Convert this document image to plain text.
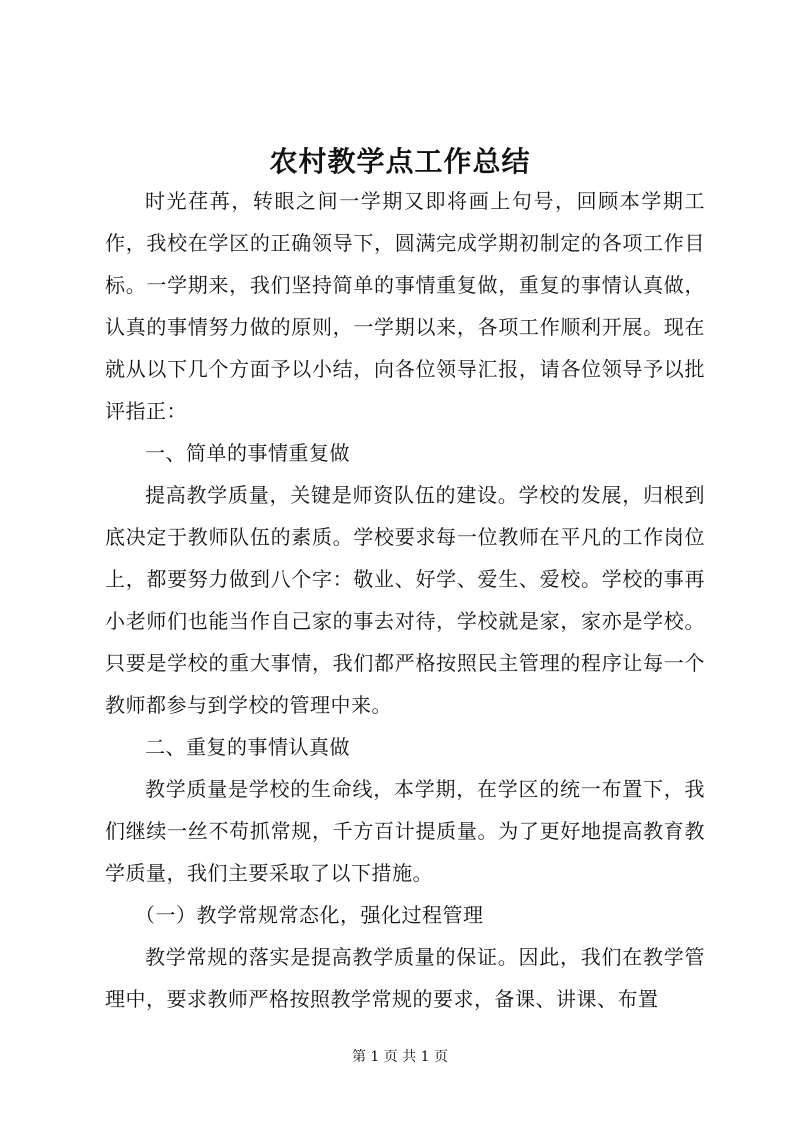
农村教学点工作总结

时光荏苒，转眼之间一学期又即将画上句号，回顾本学期工作，我校在学区的正确领导下，圆满完成学期初制定的各项工作目标。一学期来，我们坚持简单的事情重复做，重复的事情认真做，认真的事情努力做的原则，一学期以来，各项工作顺利开展。现在就从以下几个方面予以小结，向各位领导汇报，请各位领导予以批评指正：

一、简单的事情重复做

提高教学质量，关键是师资队伍的建设。学校的发展，归根到底决定于教师队伍的素质。学校要求每一位教师在平凡的工作岗位上，都要努力做到八个字：敬业、好学、爱生、爱校。学校的事再小老师们也能当作自己家的事去对待，学校就是家，家亦是学校。只要是学校的重大事情，我们都严格按照民主管理的程序让每一个教师都参与到学校的管理中来。

二、重复的事情认真做

教学质量是学校的生命线，本学期，在学区的统一布置下，我们继续一丝不苟抓常规，千方百计提质量。为了更好地提高教育教学质量，我们主要采取了以下措施。

（一）教学常规常态化，强化过程管理

教学常规的落实是提高教学质量的保证。因此，我们在教学管理中，要求教师严格按照教学常规的要求，备课、讲课、布置

第 1 页 共 1 页
